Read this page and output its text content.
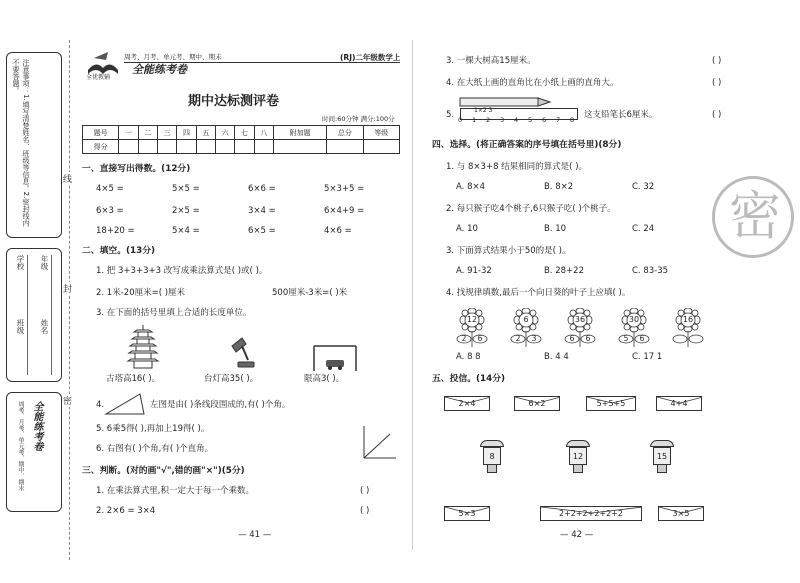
注意事项：1.填写清楚姓名、班级等信息。2.密封线内不要答题。
学校
班级
年级
姓名
全能练考卷
周考、月考、单元考、期中、期末
线
封
密
全优教辅
周考、月考、单元考、期中、期末
全能练考卷
(RJ)二年级数学上
期中达标测评卷
时间:60分钟 满分:100分
题号	一	二	三	四	五	六	七	八	附加题	总分	等级
得分											
一、直接写出得数。(12分)
4×5 =	5×5 =	6×6 =	5×3+5 =
6×3 =	2×5 =	3×4 =	6×4+9 =
18+20 =	5×4 =	6×5 =	4×6 =
二、填空。(13分)
1. 把 3+3+3+3 改写成乘法算式是( )或( )。
2. 1米-20厘米=( )厘米	500厘米-3米=( )米
3. 在下面的括号里填上合适的长度单位。
古塔高16( )。	台灯高35( )。	限高3( )。
4.	左图是由( )条线段围成的,有( )个角。
5. 6乘5得( ),再加上19得( )。
6. 右图有( )个角,有( )个直角。
三、判断。(对的画"√",错的画"×")(5分)
1. 在乘法算式里,积一定大于每一个乘数。	( )
2. 2×6 = 3×4	( )
— 41 —
3. 一棵大树高15厘米。	( )
4. 在大纸上画的直角比在小纸上画的直角大。	( )
5.	1×2 3
0 1 2 3 4 5 6 7 8 这支铅笔长6厘米。	( )
四、选择。(将正确答案的序号填在括号里)(8分)
1. 与 8×3+8 结果相同的算式是( )。
A. 8×4	B. 8×2	C. 32
2. 每只猴子吃4个桃子,6只猴子吃( )个桃子。
A. 10	B. 10	C. 24
3. 下面算式结果小于50的是( )。
A. 91-32	B. 28+22	C. 83-35
4. 找规律填数,最后一个向日葵的叶子上应填( )。
12
2	6
6
2	3
36
6	6
30
5	6
16
A. 8 8	B. 4 4	C. 17 1
五、投信。(14分)
2×4	6×2	5+5+5	4+4
8	12	15
5×3	2+2+2+2+2+2	3×5
— 42 —
密
